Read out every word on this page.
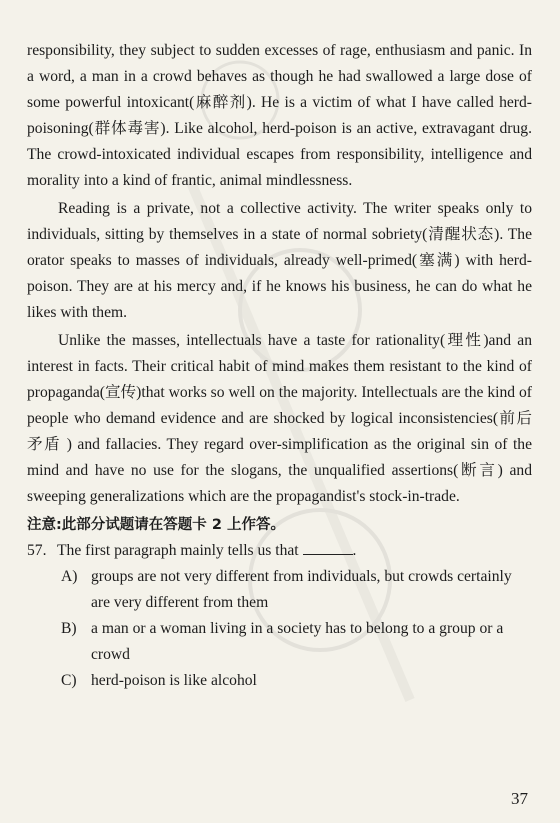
responsibility, they subject to sudden excesses of rage, enthusiasm and panic. In a word, a man in a crowd behaves as though he had swallowed a large dose of some powerful intoxicant(麻醉剂). He is a victim of what I have called herd-poisoning(群体毒害). Like alcohol, herd-poison is an active, extravagant drug. The crowd-intoxicated individual escapes from responsibility, intelligence and morality into a kind of frantic, animal mindlessness.

Reading is a private, not a collective activity. The writer speaks only to individuals, sitting by themselves in a state of normal sobriety(清醒状态). The orator speaks to masses of individuals, already well-primed(塞满) with herd-poison. They are at his mercy and, if he knows his business, he can do what he likes with them.

Unlike the masses, intellectuals have a taste for rationality(理性)and an interest in facts. Their critical habit of mind makes them resistant to the kind of propaganda(宣传)that works so well on the majority. Intellectuals are the kind of people who demand evidence and are shocked by logical inconsistencies(前后矛盾 ) and fallacies. They regard over-simplification as the original sin of the mind and have no use for the slogans, the unqualified assertions(断言) and sweeping generalizations which are the propagandist's stock-in-trade.

注意:此部分试题请在答题卡 2 上作答。

57. The first paragraph mainly tells us that	.

A) groups are not very different from individuals, but crowds certainly are very different from them
B) a man or a woman living in a society has to belong to a group or a crowd
C) herd-poison is like alcohol
37
